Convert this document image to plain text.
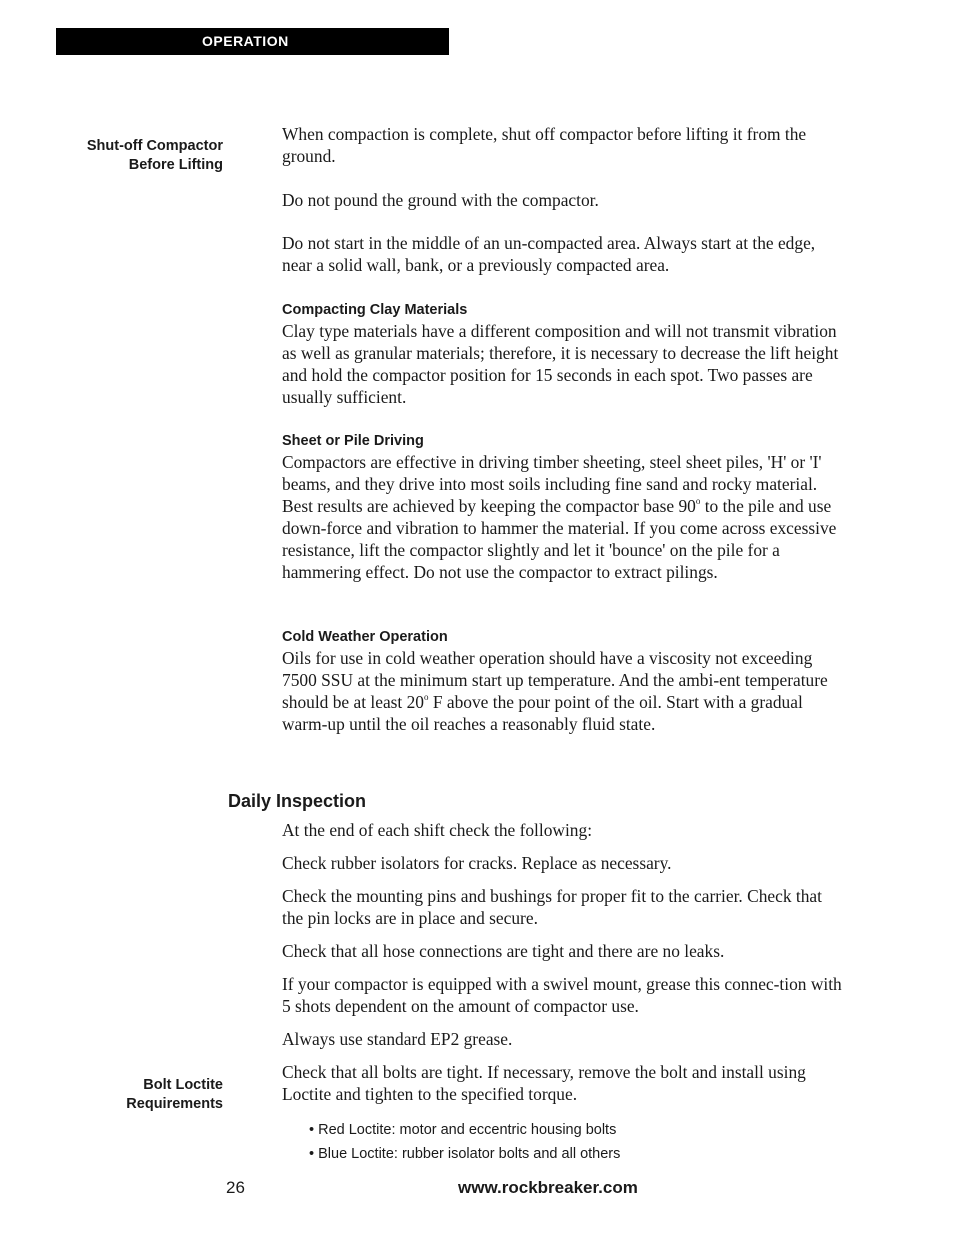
OPERATION
Shut-off Compactor
Before Lifting

When compaction is complete, shut off compactor before lifting it from the ground.

Do not pound the ground with the compactor.

Do not start in the middle of an un-compacted area. Always start at the edge, near a solid wall, bank, or a previously compacted area.

Compacting Clay Materials

Clay type materials have a different composition and will not transmit vibration as well as granular materials; therefore, it is necessary to decrease the lift height and hold the compactor position for 15 seconds in each spot. Two passes are usually sufficient.

Sheet or Pile Driving

Compactors are effective in driving timber sheeting, steel sheet piles, 'H' or 'I' beams, and they drive into most soils including fine sand and rocky material. Best results are achieved by keeping the compactor base 90$^o$ to the pile and use down-force and vibration to hammer the material. If you come across excessive resistance, lift the compactor slightly and let it 'bounce' on the pile for a hammering effect. Do not use the compactor to extract pilings.

Cold Weather Operation

Oils for use in cold weather operation should have a viscosity not exceeding 7500 SSU at the minimum start up temperature. And the ambi-ent temperature should be at least 20$^o$ F above the pour point of the oil. Start with a gradual warm-up until the oil reaches a reasonably fluid state.

Daily Inspection

At the end of each shift check the following:

Check rubber isolators for cracks. Replace as necessary.

Check the mounting pins and bushings for proper fit to the carrier. Check that the pin locks are in place and secure.

Check that all hose connections are tight and there are no leaks.

If your compactor is equipped with a swivel mount, grease this connec-tion with 5 shots dependent on the amount of compactor use.

Always use standard EP2 grease.

Check that all bolts are tight. If necessary, remove the bolt and install using Loctite and tighten to the specified torque.

Bolt Loctite
Requirements
• Red Loctite: motor and eccentric housing bolts
• Blue Loctite: rubber isolator bolts and all others
26	www.rockbreaker.com
